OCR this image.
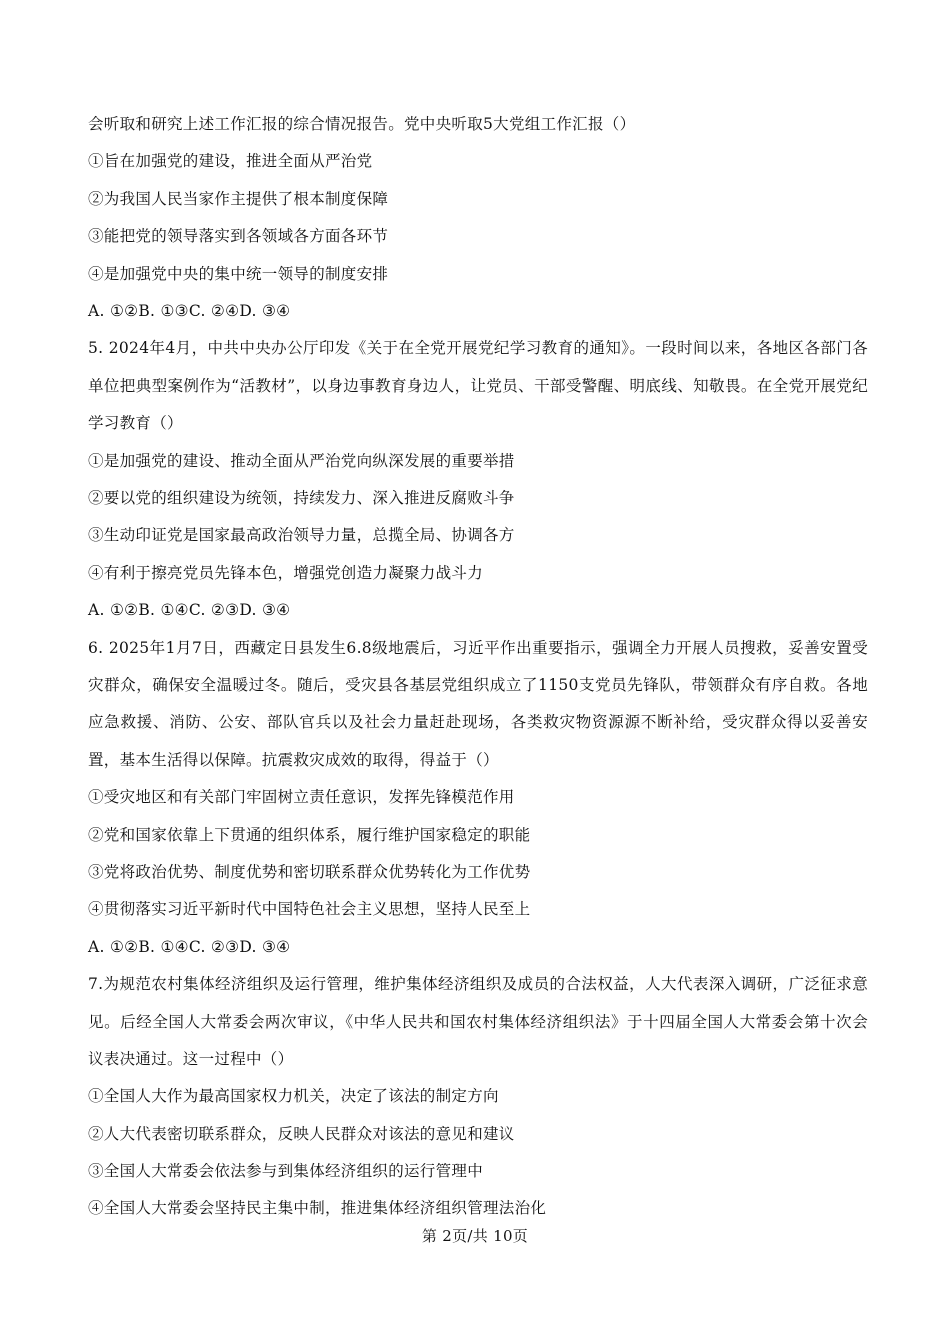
会听取和研究上述工作汇报的综合情况报告。党中央听取5大党组工作汇报（）
①旨在加强党的建设，推进全面从严治党
②为我国人民当家作主提供了根本制度保障
③能把党的领导落实到各领域各方面各环节
④是加强党中央的集中统一领导的制度安排
A. ①②B. ①③C. ②④D. ③④
5. 2024年4月，中共中央办公厅印发《关于在全党开展党纪学习教育的通知》。一段时间以来，各地区各部门各单位把典型案例作为“活教材”，以身边事教育身边人，让党员、干部受警醒、明底线、知敬畏。在全党开展党纪学习教育（）
①是加强党的建设、推动全面从严治党向纵深发展的重要举措
②要以党的组织建设为统领，持续发力、深入推进反腐败斗争
③生动印证党是国家最高政治领导力量，总揽全局、协调各方
④有利于擦亮党员先锋本色，增强党创造力凝聚力战斗力
A. ①②B. ①④C. ②③D. ③④
6. 2025年1月7日，西藏定日县发生6.8级地震后，习近平作出重要指示，强调全力开展人员搜救，妥善安置受灾群众，确保安全温暖过冬。随后，受灾县各基层党组织成立了1150支党员先锋队，带领群众有序自救。各地应急救援、消防、公安、部队官兵以及社会力量赶赴现场，各类救灾物资源源不断补给，受灾群众得以妥善安置，基本生活得以保障。抗震救灾成效的取得，得益于（）
①受灾地区和有关部门牢固树立责任意识，发挥先锋模范作用
②党和国家依靠上下贯通的组织体系，履行维护国家稳定的职能
③党将政治优势、制度优势和密切联系群众优势转化为工作优势
④贯彻落实习近平新时代中国特色社会主义思想，坚持人民至上
A. ①②B. ①④C. ②③D. ③④
7.为规范农村集体经济组织及运行管理，维护集体经济组织及成员的合法权益，人大代表深入调研，广泛征求意见。后经全国人大常委会两次审议，《中华人民共和国农村集体经济组织法》于十四届全国人大常委会第十次会议表决通过。这一过程中（）
①全国人大作为最高国家权力机关，决定了该法的制定方向
②人大代表密切联系群众，反映人民群众对该法的意见和建议
③全国人大常委会依法参与到集体经济组织的运行管理中
④全国人大常委会坚持民主集中制，推进集体经济组织管理法治化
第 2页/共 10页
